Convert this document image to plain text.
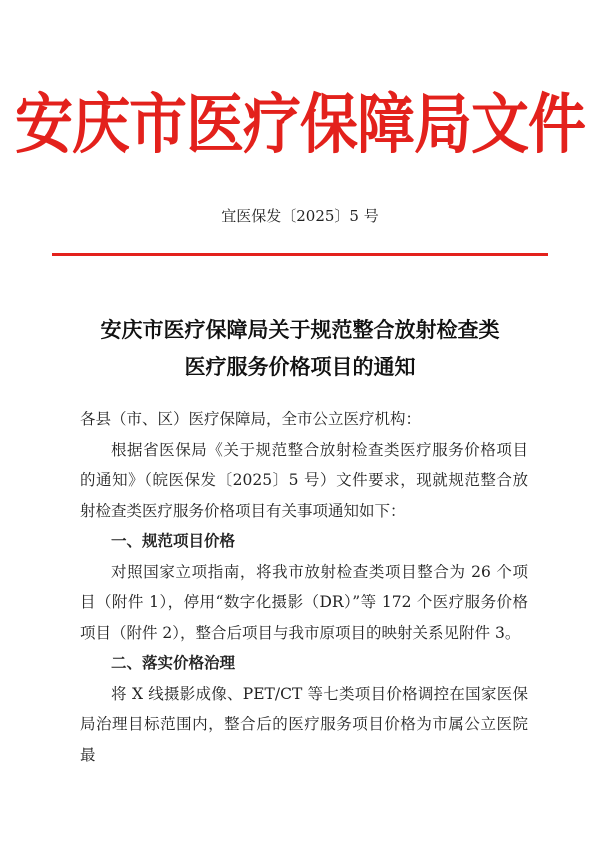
安庆市医疗保障局文件
宜医保发〔2025〕5 号
安庆市医疗保障局关于规范整合放射检查类
医疗服务价格项目的通知

各县（市、区）医疗保障局，全市公立医疗机构：

根据省医保局《关于规范整合放射检查类医疗服务价格项目的通知》（皖医保发〔2025〕5 号）文件要求，现就规范整合放射检查类医疗服务价格项目有关事项通知如下：

一、规范项目价格

对照国家立项指南，将我市放射检查类项目整合为 26 个项目（附件 1），停用“数字化摄影（DR）”等 172 个医疗服务价格项目（附件 2），整合后项目与我市原项目的映射关系见附件 3。

二、落实价格治理

将 X 线摄影成像、PET/CT 等七类项目价格调控在国家医保局治理目标范围内，整合后的医疗服务项目价格为市属公立医院最
